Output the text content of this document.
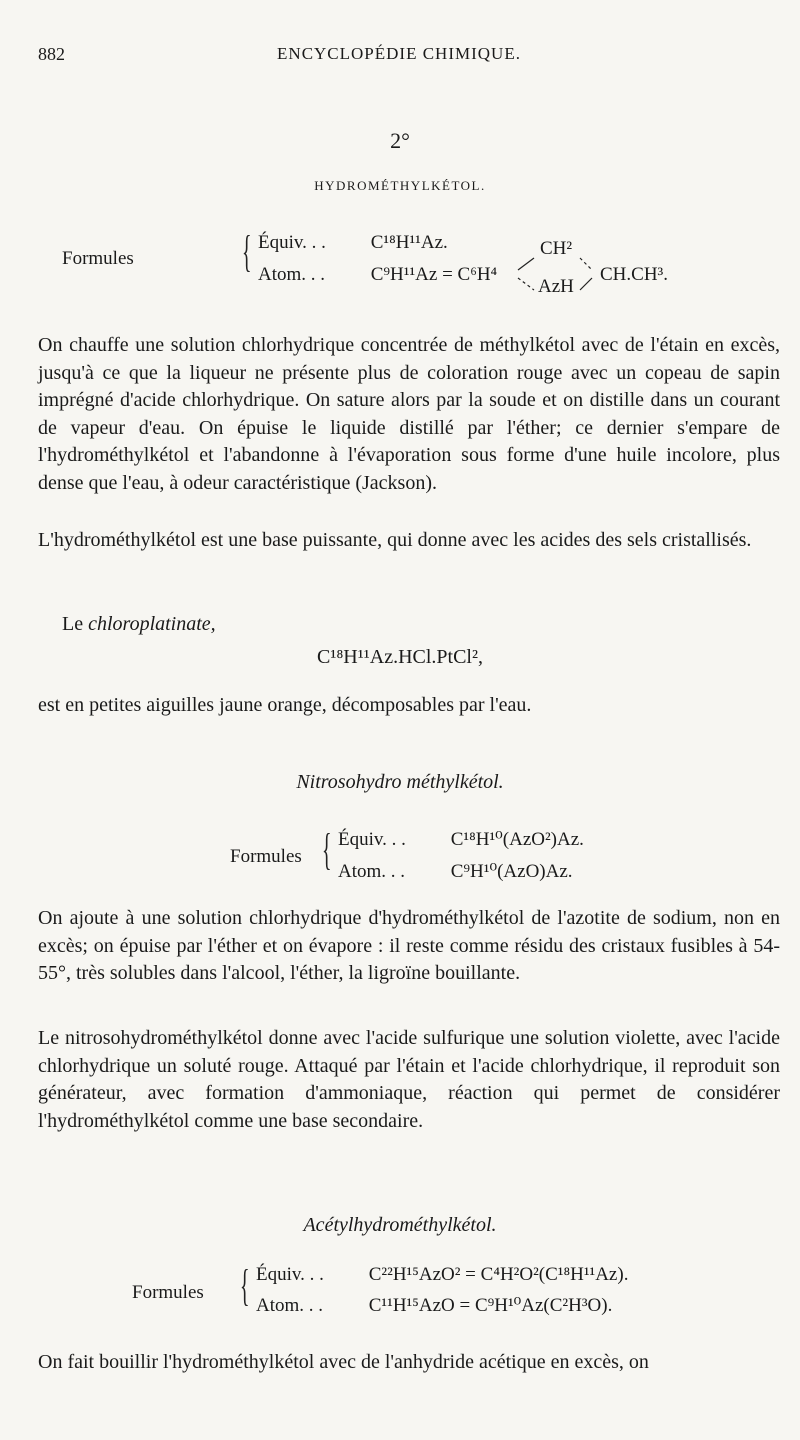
882	ENCYCLOPÉDIE CHIMIQUE.
2°
HYDROMÉTHYLKÉTOL.
Formules { Équiv. . . C¹⁸H¹¹Az.
Atom. . . C⁹H¹¹Az = C⁶H⁴
CH²
AzH
CH.CH³.

On chauffe une solution chlorhydrique concentrée de méthylkétol avec de l'étain en excès, jusqu'à ce que la liqueur ne présente plus de coloration rouge avec un copeau de sapin imprégné d'acide chlorhydrique. On sature alors par la soude et on distille dans un courant de vapeur d'eau. On épuise le liquide distillé par l'éther; ce dernier s'empare de l'hydrométhylkétol et l'abandonne à l'évaporation sous forme d'une huile incolore, plus dense que l'eau, à odeur caractéristique (Jackson).

L'hydrométhylkétol est une base puissante, qui donne avec les acides des sels cristallisés.

Le chloroplatinate,
C¹⁸H¹¹Az.HCl.PtCl²,

est en petites aiguilles jaune orange, décomposables par l'eau.

Nitrosohydro méthylkétol.
Formules { Équiv. . . C¹⁸H¹⁰(AzO²)Az.
Atom. . . C⁹H¹⁰(AzO)Az.

On ajoute à une solution chlorhydrique d'hydrométhylkétol de l'azotite de sodium, non en excès; on épuise par l'éther et on évapore : il reste comme résidu des cristaux fusibles à 54-55°, très solubles dans l'alcool, l'éther, la ligroïne bouillante.

Le nitrosohydrométhylkétol donne avec l'acide sulfurique une solution violette, avec l'acide chlorhydrique un soluté rouge. Attaqué par l'étain et l'acide chlorhydrique, il reproduit son générateur, avec formation d'ammoniaque, réaction qui permet de considérer l'hydrométhylkétol comme une base secondaire.

Acétylhydrométhylkétol.
Formules { Équiv. . . C²²H¹⁵AzO² = C⁴H²O²(C¹⁸H¹¹Az).
Atom. . . C¹¹H¹⁵AzO = C⁹H¹⁰Az(C²H³O).

On fait bouillir l'hydrométhylkétol avec de l'anhydride acétique en excès, on
